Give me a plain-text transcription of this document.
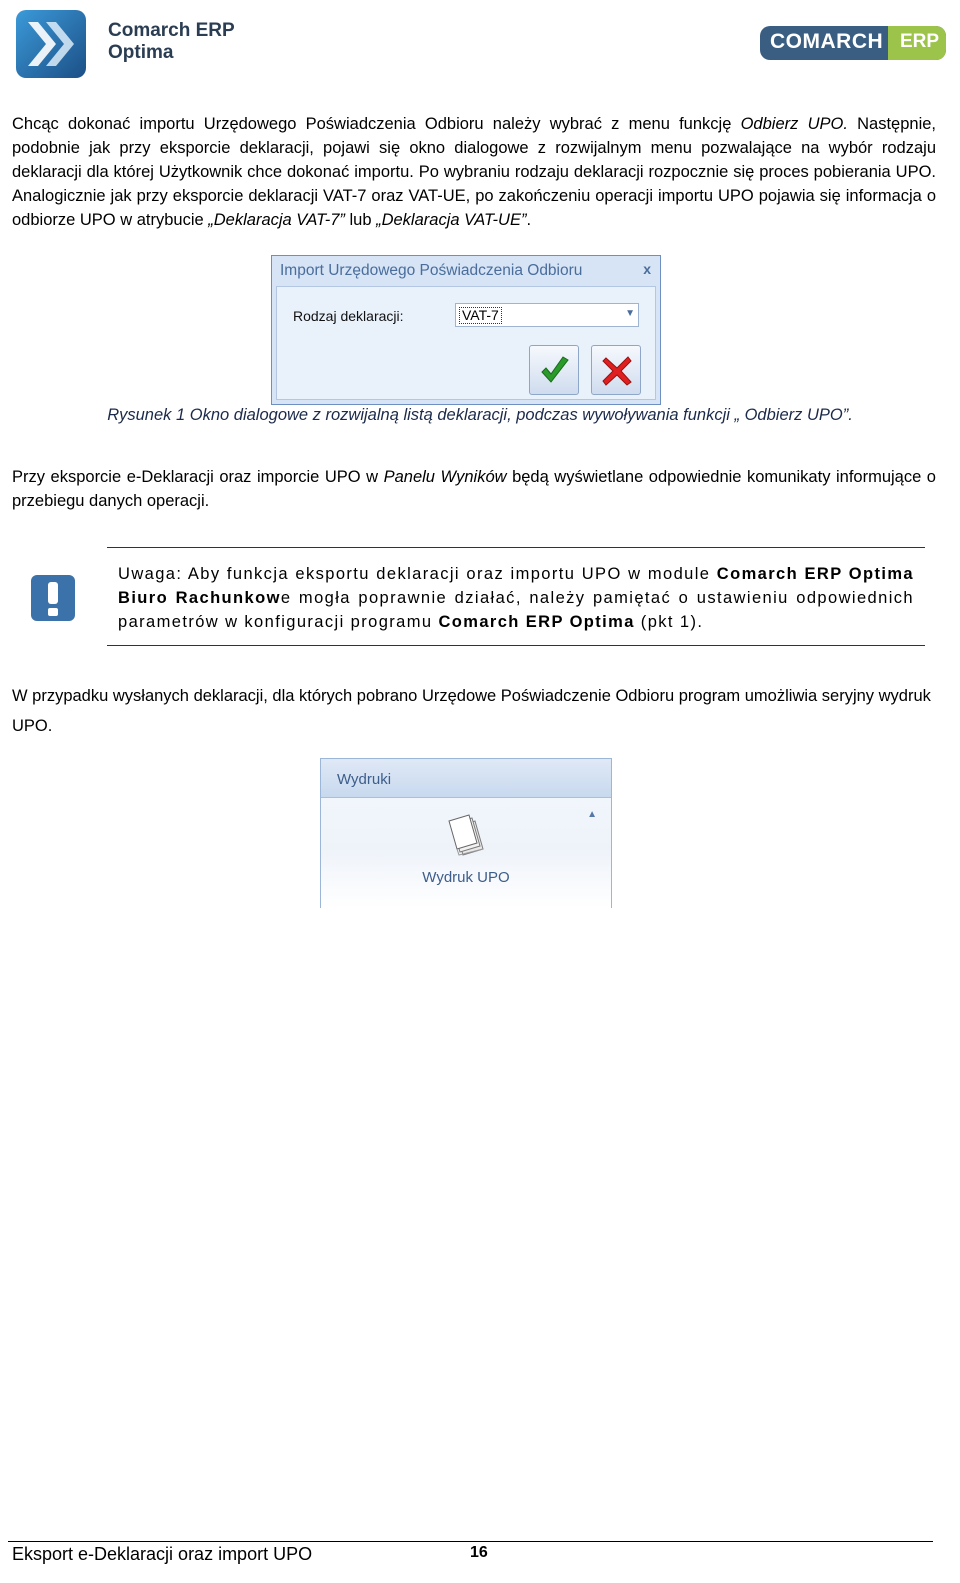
Comarch ERP
Optima	COMARCH ERP
Chcąc dokonać importu Urzędowego Poświadczenia Odbioru należy wybrać z menu funkcję Odbierz UPO. Następnie, podobnie jak przy eksporcie deklaracji, pojawi się okno dialogowe z rozwijalnym menu pozwalające na wybór rodzaju deklaracji dla której Użytkownik chce dokonać importu. Po wybraniu rodzaju deklaracji rozpocznie się proces pobierania UPO. Analogicznie jak przy eksporcie deklaracji VAT-7 oraz VAT-UE, po zakończeniu operacji importu UPO pojawia się informacja o odbiorze UPO w atrybucie „Deklaracja VAT-7” lub „Deklaracja VAT-UE”.
Import Urzędowego Poświadczenia Odbioru	x
Rodzaj deklaracji:	VAT-7	▼
Rysunek 1 Okno dialogowe z rozwijalną listą deklaracji, podczas wywoływania funkcji „ Odbierz UPO”.
Przy eksporcie e-Deklaracji oraz imporcie UPO w Panelu Wyników będą wyświetlane odpowiednie komunikaty informujące o przebiegu danych operacji.
Uwaga: Aby funkcja eksportu deklaracji oraz importu UPO w module Comarch ERP Optima Biuro Rachunkowe mogła poprawnie działać, należy pamiętać o ustawieniu odpowiednich parametrów w konfiguracji programu Comarch ERP Optima (pkt 1).
W przypadku wysłanych deklaracji, dla których pobrano Urzędowe Poświadczenie Odbioru program umożliwia seryjny wydruk UPO.
Wydruki
▲
Wydruk UPO
Eksport e-Deklaracji oraz import UPO	16
